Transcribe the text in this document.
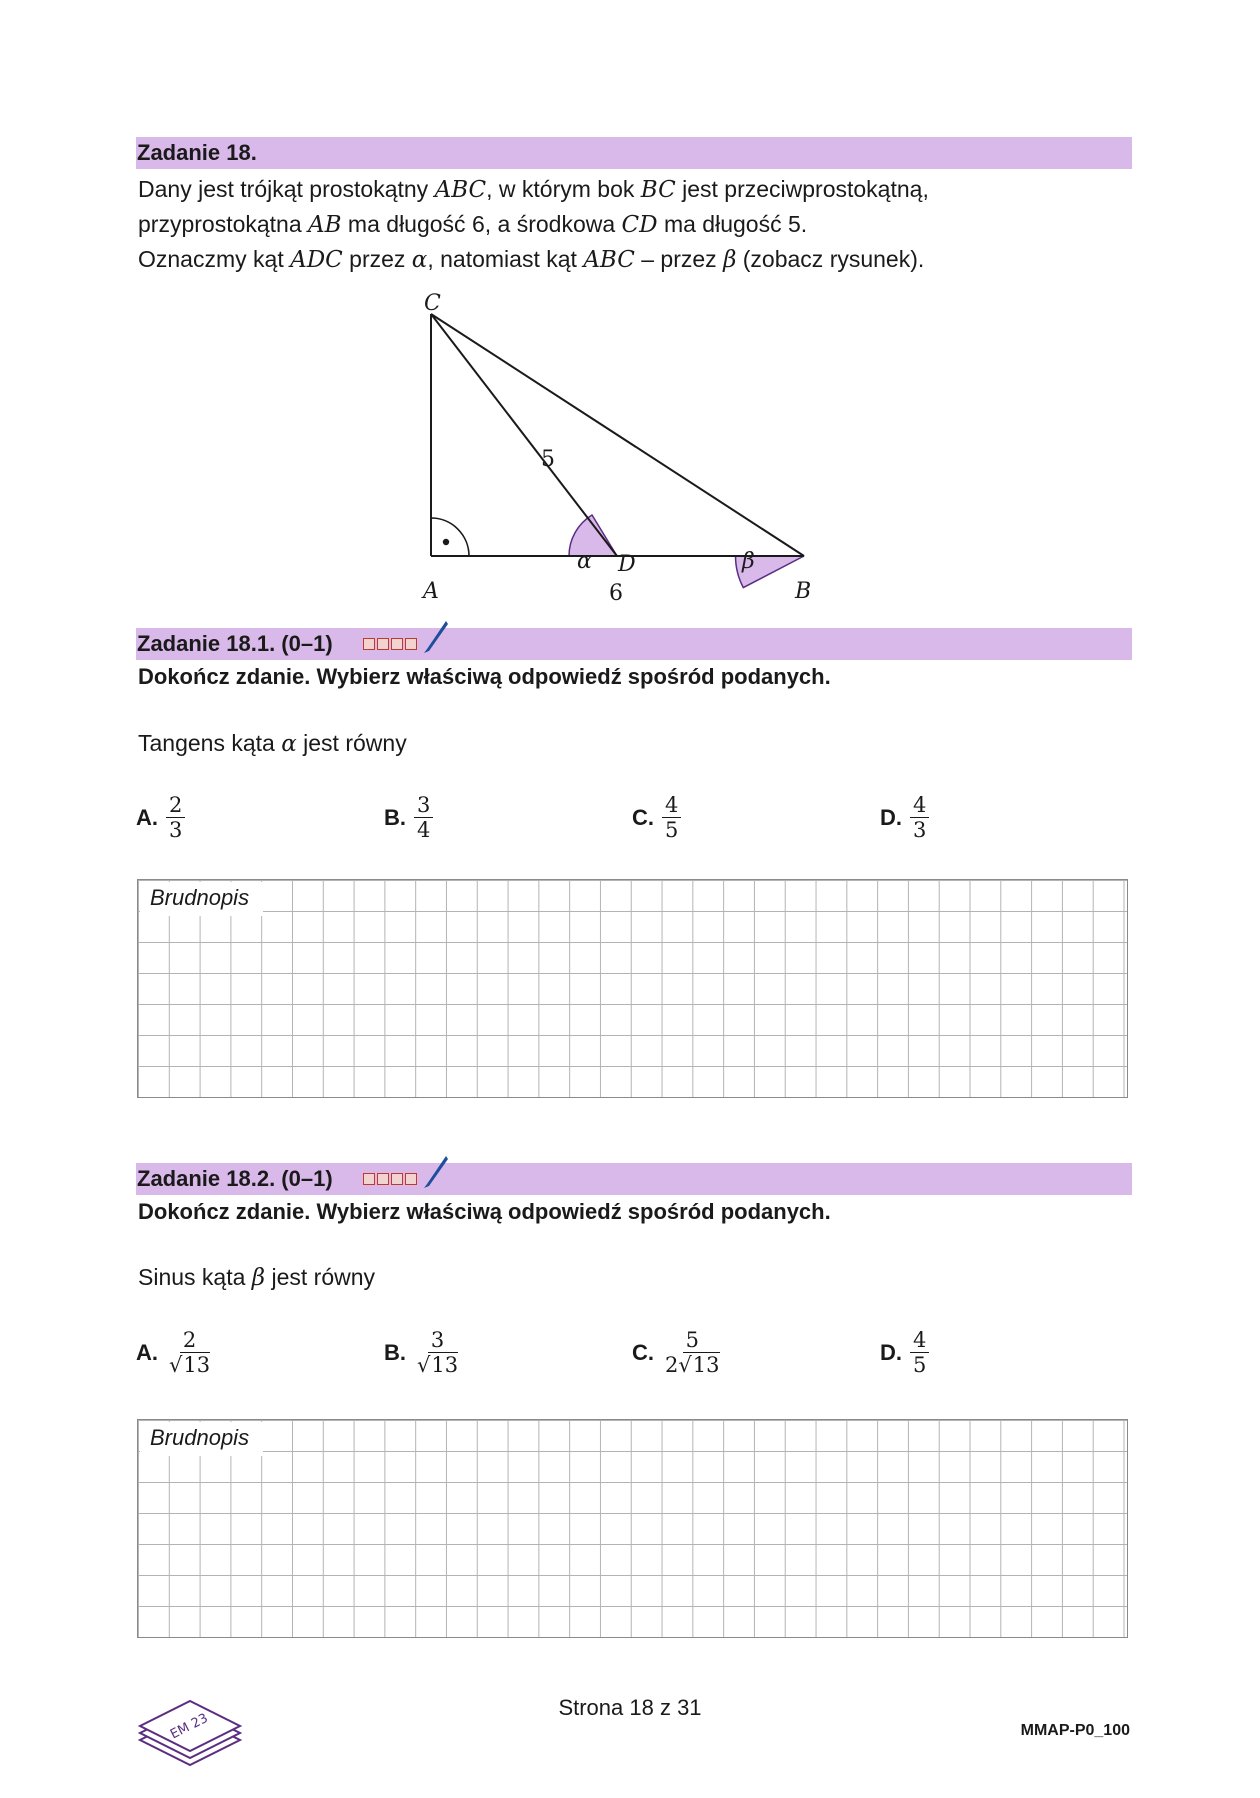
Zadanie 18.
Dany jest trójkąt prostokątny ABC, w którym bok BC jest przeciwprostokątną,
przyprostokątna AB ma długość 6, a środkowa CD ma długość 5.
Oznaczmy kąt ADC przez α, natomiast kąt ABC – przez β (zobacz rysunek).
C
A	B
D
α	β
5
6
Zadanie 18.1. (0–1)
Dokończ zdanie. Wybierz właściwą odpowiedź spośród podanych.
Tangens kąta α jest równy
A. $\frac{2}{3}$	B. $\frac{3}{4}$	C. $\frac{4}{5}$	D. $\frac{4}{3}$
Brudnopis
Zadanie 18.2. (0–1)
Dokończ zdanie. Wybierz właściwą odpowiedź spośród podanych.
Sinus kąta β jest równy
A. $\frac{2}{√13}$	B. $\frac{3}{√13}$	C. $\frac{5}{2√13}$	D. $\frac{4}{5}$
Brudnopis
EM 23
Strona 18 z 31
MMAP-P0_100
